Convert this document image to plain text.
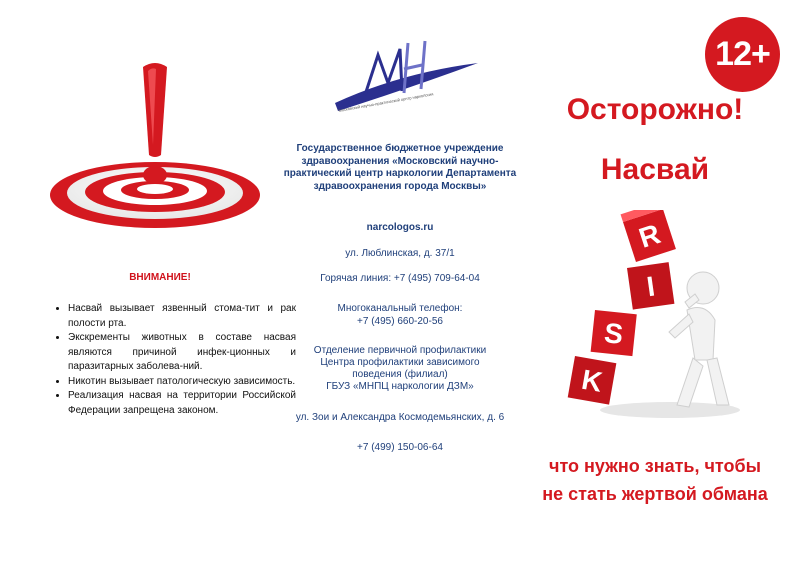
ВНИМАНИЕ!
• Насвай вызывает язвенный стома-тит и рак полости рта.
• Экскременты животных в составе насвая являются причиной инфек-ционных и паразитарных заболева-ний.
• Никотин вызывает патологическую зависимость.
• Реализация насвая на территории Российской Федерации запрещена законом.
Московский научно-практический центр наркологии
Государственное бюджетное учреждение здравоохранения «Московский научно-практический центр наркологии Департамента здравоохранения города Москвы»
narcologos.ru
ул. Люблинская, д. 37/1
Горячая линия: +7 (495) 709-64-04
Многоканальный телефон:
+7 (495) 660-20-56
Отделение первичной профилактики
Центра профилактики зависимого
поведения (филиал)
ГБУЗ «МНПЦ наркологии ДЗМ»
ул. Зои и Александра Космодемьянских, д. 6
+7 (499) 150-06-64
12+
Осторожно!
Насвай
R
I
S
K
что нужно знать, чтобы не стать жертвой обмана
